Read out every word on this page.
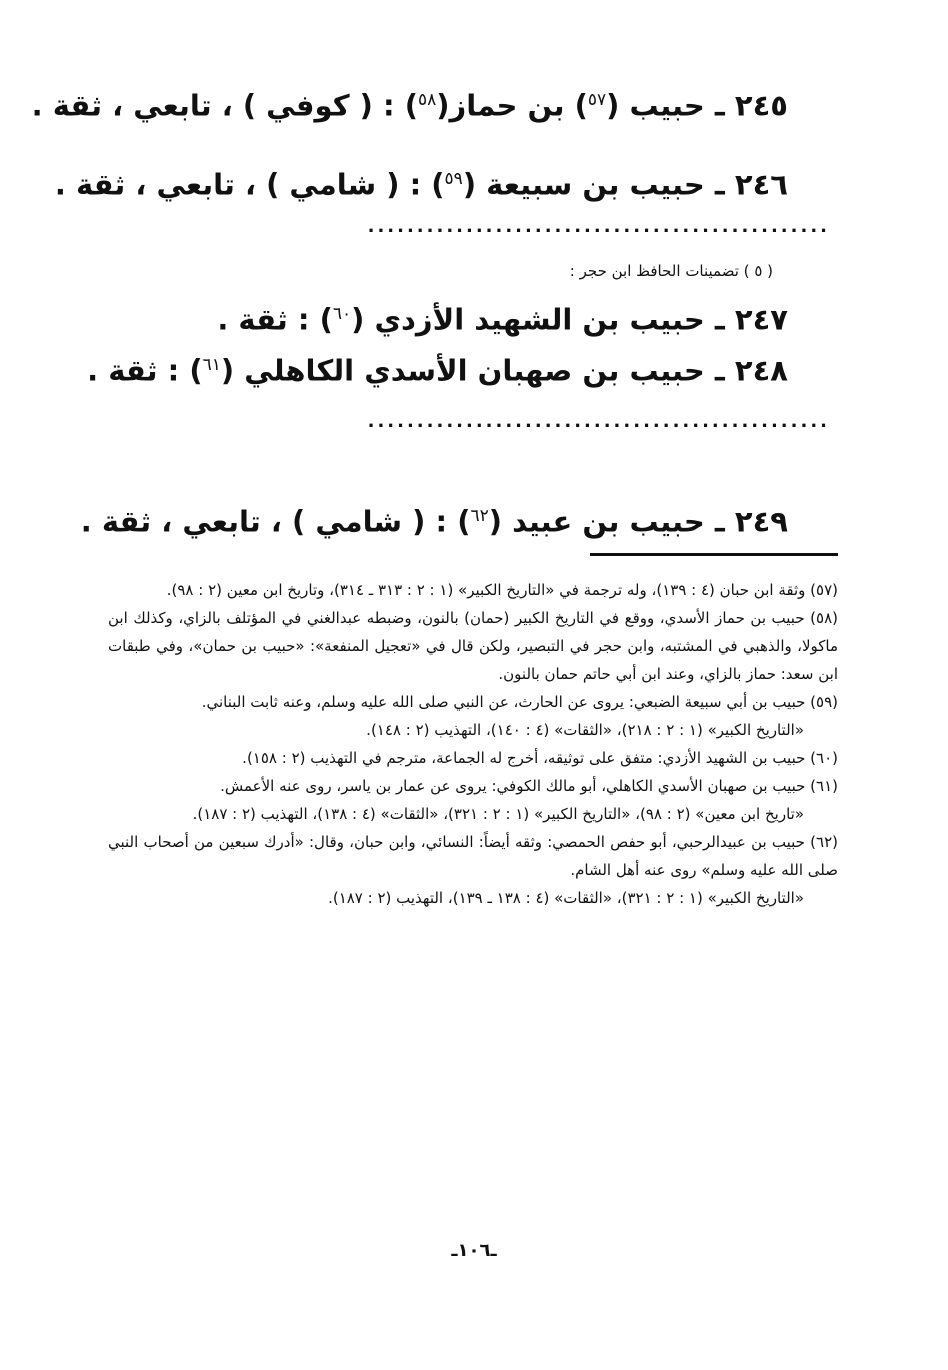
٢٤٥ ـ حبيب ($^{٥٧}$) بن حماز($^{٥٨}$) : ( كوفي ) ، تابعي ، ثقة .
٢٤٦ ـ حبيب بن سبيعة ($^{٥٩}$) : ( شامي ) ، تابعي ، ثقة .
...............................................
( ٥ ) تضمينات الحافظ ابن حجر :
٢٤٧ ـ حبيب بن الشهيد الأزدي ($^{٦٠}$) : ثقة .
٢٤٨ ـ حبيب بن صهبان الأسدي الكاهلي ($^{٦١}$) : ثقة .
...............................................
٢٤٩ ـ حبيب بن عبيد ($^{٦٢}$) : ( شامي ) ، تابعي ، ثقة .

(٥٧) وثقة ابن حبان (٤ : ١٣٩)، وله ترجمة في «التاريخ الكبير» (١ : ٢ : ٣١٣ ـ ٣١٤)، وتاريخ ابن معين (٢ : ٩٨).

(٥٨) حبيب بن حماز الأسدي، ووقع في التاريخ الكبير (حمان) بالنون، وضبطه عبدالغني في المؤتلف بالزاي، وكذلك ابن ماكولا، والذهبي في المشتبه، وابن حجر في التبصير، ولكن قال في «تعجيل المنفعة»: «حبيب بن حمان»، وفي طبقات ابن سعد: حماز بالزاي، وعند ابن أبي حاتم حمان بالنون.

(٥٩) حبيب بن أبي سبيعة الضبعي: يروى عن الحارث، عن النبي صلى الله عليه وسلم، وعنه ثابت البناني.

«التاريخ الكبير» (١ : ٢ : ٢١٨)، «الثقات» (٤ : ١٤٠)، التهذيب (٢ : ١٤٨).

(٦٠) حبيب بن الشهيد الأزدي: متفق على توثيقه، أخرج له الجماعة، مترجم في التهذيب (٢ : ١٥٨).

(٦١) حبيب بن صهبان الأسدي الكاهلي، أبو مالك الكوفي: يروى عن عمار بن ياسر، روى عنه الأعمش.

«تاريخ ابن معين» (٢ : ٩٨)، «التاريخ الكبير» (١ : ٢ : ٣٢١)، «الثقات» (٤ : ١٣٨)، التهذيب (٢ : ١٨٧).

(٦٢) حبيب بن عبيدالرحبي، أبو حفص الحمصي: وثقه أيضاً: النسائي، وابن حبان، وقال: «أدرك سبعين من أصحاب النبي صلى الله عليه وسلم» روى عنه أهل الشام.

«التاريخ الكبير» (١ : ٢ : ٣٢١)، «الثقات» (٤ : ١٣٨ ـ ١٣٩)، التهذيب (٢ : ١٨٧).

ـ١٠٦ـ
